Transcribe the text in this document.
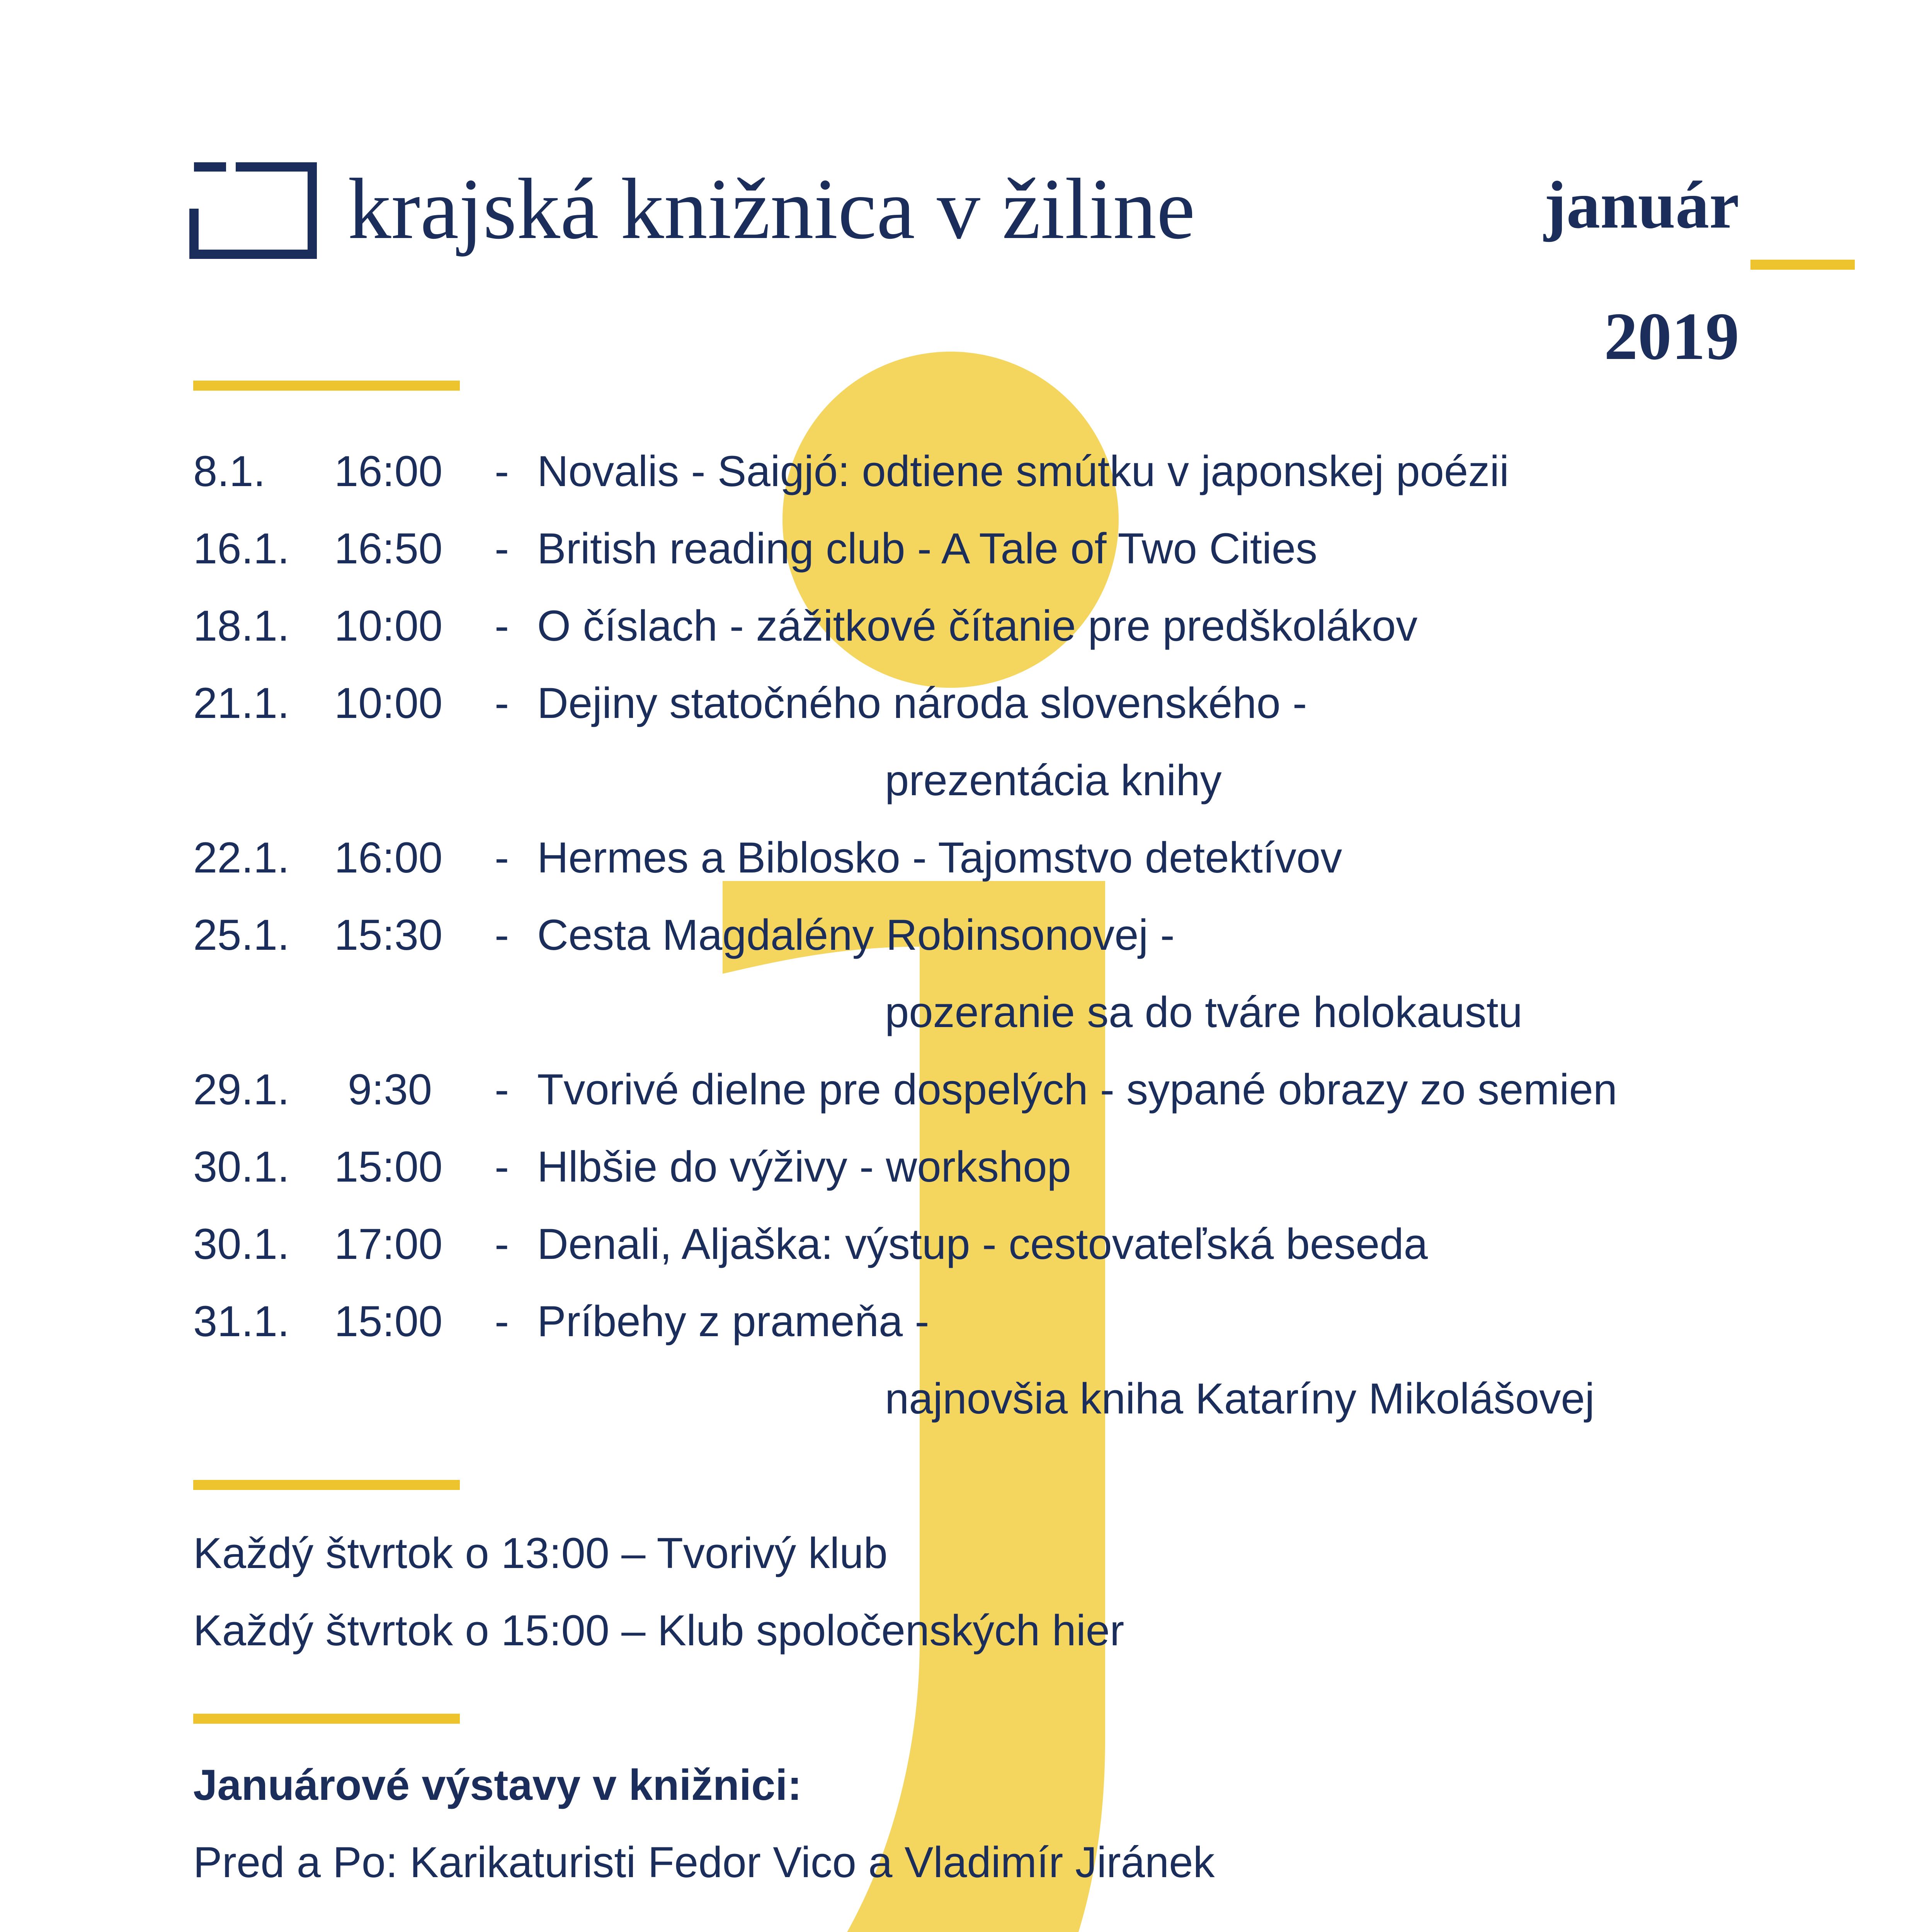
krajská knižnica v žiline	január
2019
8.1. 16:00 - Novalis - Saigjó: odtiene smútku v japonskej poézii
16.1. 16:50 - British reading club - A Tale of Two Cities
18.1. 10:00 - O číslach - zážitkové čítanie pre predškolákov
21.1. 10:00 - Dejiny statočného národa slovenského -
prezentácia knihy
22.1. 16:00 - Hermes a Biblosko - Tajomstvo detektívov
25.1. 15:30 - Cesta Magdalény Robinsonovej -
pozeranie sa do tváre holokaustu
29.1. 9:30 - Tvorivé dielne pre dospelých - sypané obrazy zo semien
30.1. 15:00 - Hlbšie do výživy - workshop
30.1. 17:00 - Denali, Aljaška: výstup - cestovateľská beseda
31.1. 15:00 - Príbehy z prameňa -
najnovšia kniha Kataríny Mikolášovej
Každý štvrtok o 13:00 – Tvorivý klub
Každý štvrtok o 15:00 – Klub spoločenských hier
Januárové výstavy v knižnici:
Pred a Po: Karikaturisti Fedor Vico a Vladimír Jiránek
